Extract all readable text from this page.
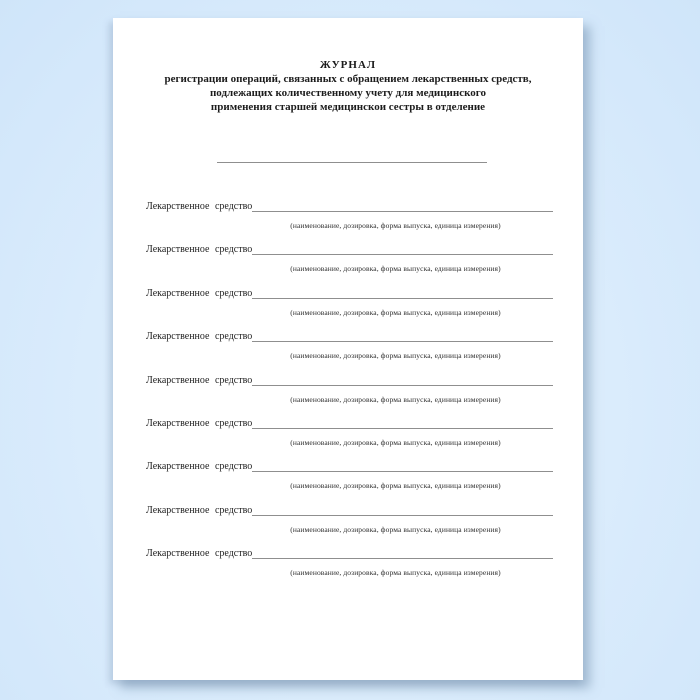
ЖУРНАЛ
регистрации операций, связанных с обращением лекарственных средств,
подлежащих количественному учету для медицинского
применения старшей медицинскои сестры в отделение
Лекарственное средство
(наименование, дозировка, форма выпуска, единица измерения)
Лекарственное средство
(наименование, дозировка, форма выпуска, единица измерения)
Лекарственное средство
(наименование, дозировка, форма выпуска, единица измерения)
Лекарственное средство
(наименование, дозировка, форма выпуска, единица измерения)
Лекарственное средство
(наименование, дозировка, форма выпуска, единица измерения)
Лекарственное средство
(наименование, дозировка, форма выпуска, единица измерения)
Лекарственное средство
(наименование, дозировка, форма выпуска, единица измерения)
Лекарственное средство
(наименование, дозировка, форма выпуска, единица измерения)
Лекарственное средство
(наименование, дозировка, форма выпуска, единица измерения)
